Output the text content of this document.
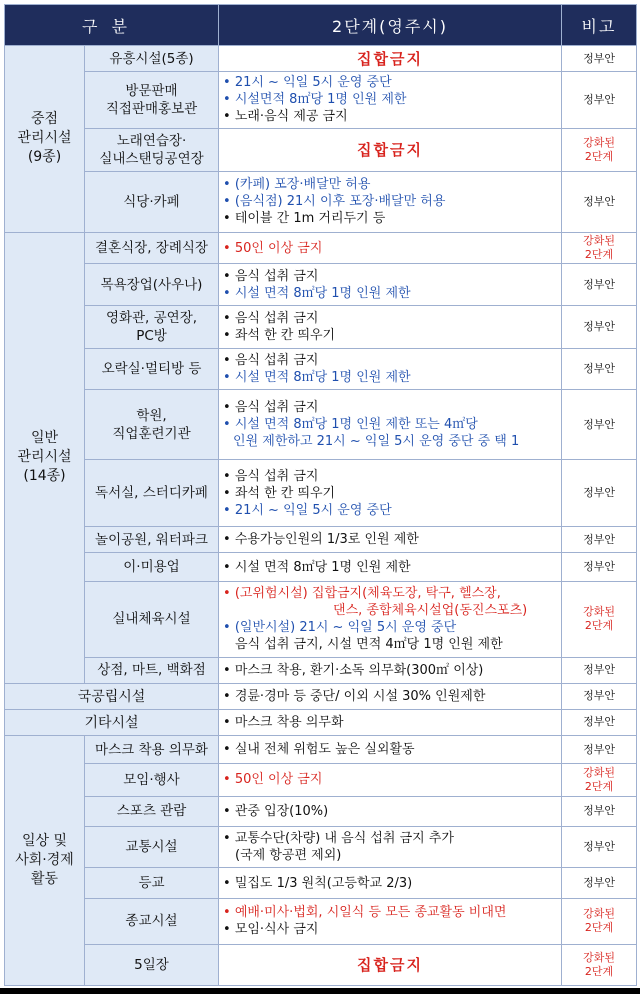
구분		2단계(영주시)	비고

중점
관리시설
(9종)	유흥시설(5종)	집합금지	정부안

	방문판매
직접판매홍보관	• 21시 ~ 익일 5시 운영 중단
• 시설면적 8㎡당 1명 인원 제한
• 노래·음식 제공 금지	정부안

	노래연습장·
실내스탠딩공연장	집합금지	강화된
2단계

	식당·카페	• (카페) 포장·배달만 허용
• (음식점) 21시 이후 포장·배달만 허용
• 테이블 간 1m 거리두기 등	정부안

일반
관리시설
(14종)	결혼식장, 장례식장	• 50인 이상 금지	강화된
2단계

	목욕장업(사우나)	• 음식 섭취 금지
• 시설 면적 8㎡당 1명 인원 제한	정부안

	영화관, 공연장,
PC방	• 음식 섭취 금지
• 좌석 한 칸 띄우기	정부안

	오락실·멀티방 등	• 음식 섭취 금지
• 시설 면적 8㎡당 1명 인원 제한	정부안

	학원,
직업훈련기관	• 음식 섭취 금지
• 시설 면적 8㎡당 1명 인원 제한 또는 4㎡당
인원 제한하고 21시 ~ 익일 5시 운영 중단 중 택 1	정부안

	독서실, 스터디카페	• 음식 섭취 금지
• 좌석 한 칸 띄우기
• 21시 ~ 익일 5시 운영 중단	정부안

	놀이공원, 워터파크	• 수용가능인원의 1/3로 인원 제한	정부안

	이·미용업	• 시설 면적 8㎡당 1명 인원 제한	정부안

	실내체육시설	• (고위험시설) 집합금지(체육도장, 탁구, 헬스장,
댄스, 종합체육시설업(동진스포츠)
• (일반시설) 21시 ~ 익일 5시 운영 중단
음식 섭취 금지, 시설 면적 4㎡당 1명 인원 제한	강화된
2단계

	상점, 마트, 백화점	• 마스크 착용, 환기·소독 의무화(300㎡ 이상)	정부안

국공립시설		• 경륜·경마 등 중단/ 이외 시설 30% 인원제한	정부안

기타시설		• 마스크 착용 의무화	정부안

일상 및
사회·경제
활동	마스크 착용 의무화	• 실내 전체 위험도 높은 실외활동	정부안

	모임·행사	• 50인 이상 금지	강화된
2단계

	스포츠 관람	• 관중 입장(10%)	정부안

	교통시설	• 교통수단(차량) 내 음식 섭취 금지 추가
(국제 항공편 제외)	정부안

	등교	• 밀집도 1/3 원칙(고등학교 2/3)	정부안

	종교시설	• 예배·미사·법회, 시일식 등 모든 종교활동 비대면
• 모임·식사 금지	강화된
2단계

	5일장	집합금지	강화된
2단계
